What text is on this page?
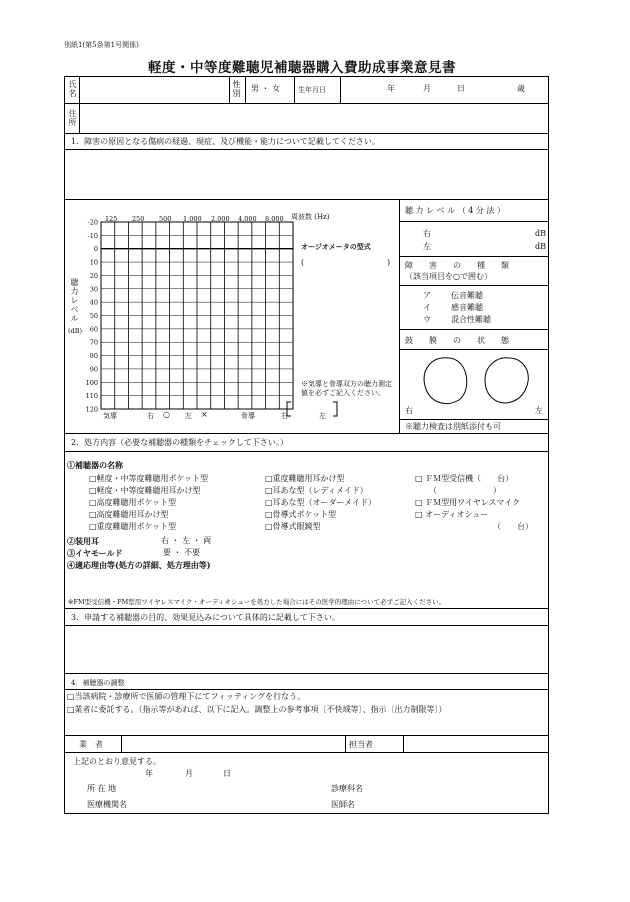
別紙1(第5条第1号関係)
軽度・中等度難聴児補聴器購入費助成事業意見書
氏名	性別 男 ・ 女	生年月日	年	月	日	歳
住所
1．障害の原因となる傷病の経過、現症、及び機能・能力について記載してください。
周波数 (Hz)
125 250 500 1,000 2,000 4,000 8,000
-20
-10
0
10
20
30
40
50
60
70
80
90
100
110
120
聴力レベル
(dB)
オージオメータの型式
(	)
※気導と骨導双方の聴力測定値を必ずご記入ください。
気導	右 ○ 左 ×	骨導	右	左
聴 力 レ ベ ル （ 4 分 法 ）
右	dB
左	dB
障　　害　　の　　種　　類
（該当項目を○で囲む）
ア	伝音難聴
イ	感音難聴
ウ	混合性難聴
鼓　　膜　　の　　状　　態
右	左
※聴力検査は別紙添付も可
2．処方内容（必要な補聴器の種類をチェックして下さい。）
①補聴器の名称
□軽度・中等度難聴用ポケット型
□軽度・中等度難聴用耳かけ型
□高度難聴用ポケット型
□高度難聴用耳かけ型
□重度難聴用ポケット型
□重度難聴用耳かけ型
□耳あな型（レディメイド）
□耳あな型（オーダーメイド）
□骨導式ポケット型
□骨導式眼鏡型
□ ＦＭ型受信機（　　台）
（　　　　　　　）
□ ＦＭ型用ワイヤレスマイク
□ オーディオシュー
（　　台）
②装用耳	右 ・ 左 ・ 両
③イヤモールド	要 ・ 不要
④適応理由等(処方の詳細、処方理由等)
※FM型受信機・FM型用ワイヤレスマイク・オーディオシューを処方した場合にはその医学的理由について必ずご記入ください。
3．申請する補聴器の目的、効果見込みについて具体的に記載して下さい。
4．補聴器の調整
□当該病院・診療所で医師の管理下にてフィッティングを行なう。
□業者に委託する。（指示等があれば、以下に記入。調整上の参考事項〔不快域等〕、指示〔出力制限等〕）
業　者	担当者
上記のとおり意見する。
年	月	日
所 在 地	診療科名
医療機関名	医師名
